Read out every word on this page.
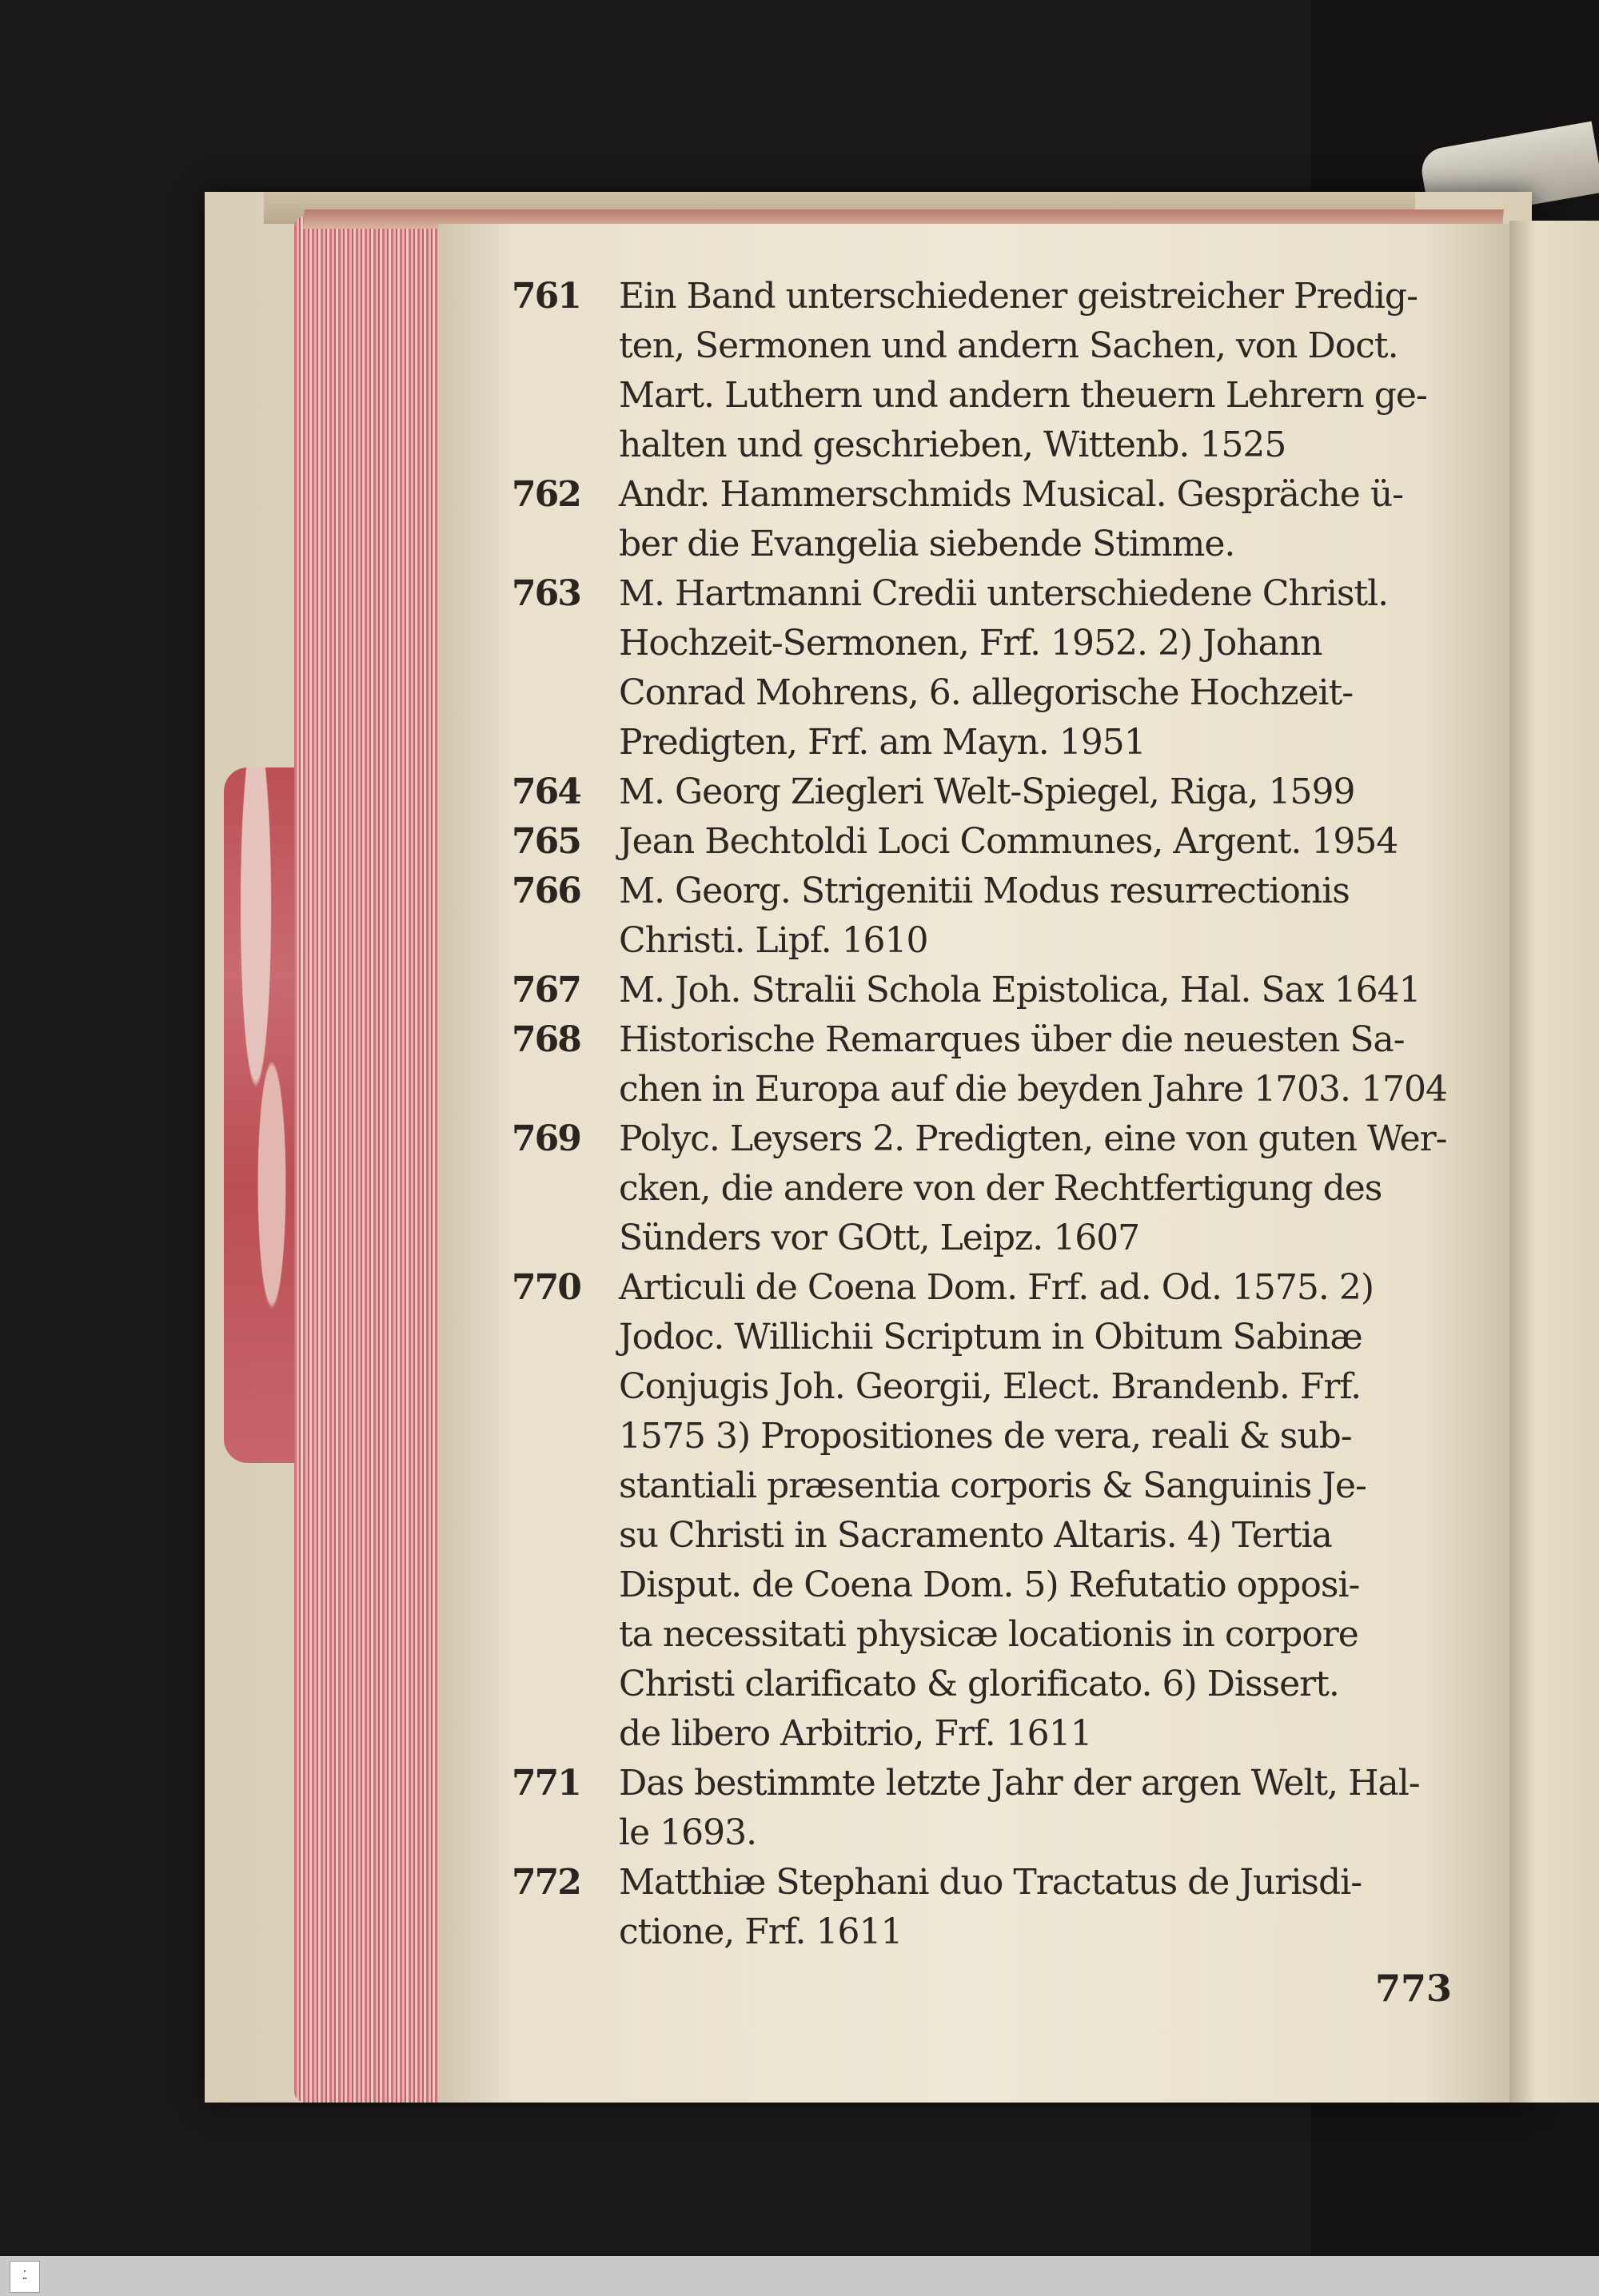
761	Ein Band unterschiedener geistreicher Predig-
ten, Sermonen und andern Sachen, von Doct.
Mart. Luthern und andern theuern Lehrern ge-
halten und geschrieben, Wittenb. 1525
762	Andr. Hammerschmids Musical. Gespräche ü-
ber die Evangelia siebende Stimme.
763	M. Hartmanni Credii unterschiedene Christl.
Hochzeit-Sermonen, Frf. 1952. 2) Johann
Conrad Mohrens, 6. allegorische Hochzeit-
Predigten, Frf. am Mayn. 1951
764	M. Georg Ziegleri Welt-Spiegel, Riga, 1599
765	Jean Bechtoldi Loci Communes, Argent. 1954
766	M. Georg. Strigenitii Modus resurrectionis
Christi. Lipf. 1610
767	M. Joh. Stralii Schola Epistolica, Hal. Sax 1641
768	Historische Remarques über die neuesten Sa-
chen in Europa auf die beyden Jahre 1703. 1704
769	Polyc. Leysers 2. Predigten, eine von guten Wer-
cken, die andere von der Rechtfertigung des
Sünders vor GOtt, Leipz. 1607
770	Articuli de Coena Dom. Frf. ad. Od. 1575. 2)
Jodoc. Willichii Scriptum in Obitum Sabinæ
Conjugis Joh. Georgii, Elect. Brandenb. Frf.
1575 3) Propositiones de vera, reali & sub-
stantiali præsentia corporis & Sanguinis Je-
su Christi in Sacramento Altaris. 4) Tertia
Disput. de Coena Dom. 5) Refutatio opposi-
ta necessitati physicæ locationis in corpore
Christi clarificato & glorificato. 6) Dissert.
de libero Arbitrio, Frf. 1611
771	Das bestimmte letzte Jahr der argen Welt, Hal-
le 1693.
772	Matthiæ Stephani duo Tractatus de Jurisdi-
ctione, Frf. 1611
773
▪
▪▪
